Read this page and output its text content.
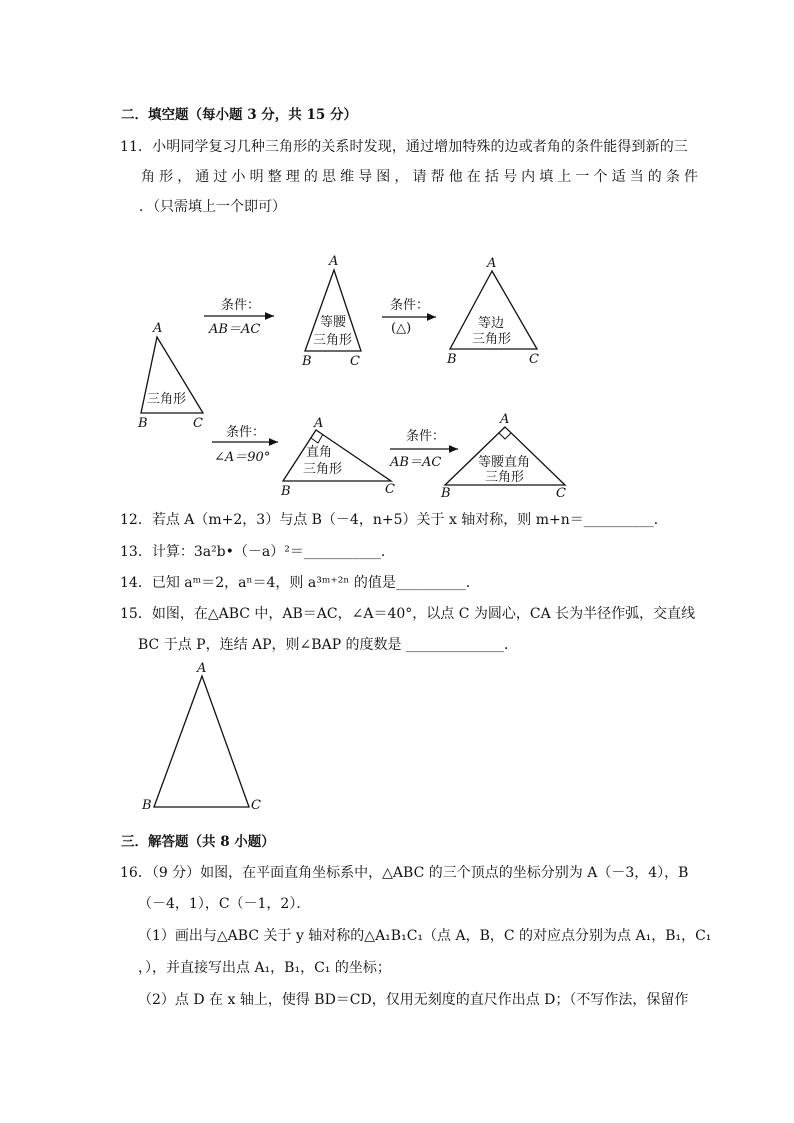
二．填空题（每小题 3 分，共 15 分）
11．小明同学复习几种三角形的关系时发现，通过增加特殊的边或者角的条件能得到新的三
角形，通过小明整理的思维导图，请帮他在括号内填上一个适当的条件
．（只需填上一个即可）
A
B	C
三角形
条件：
AB＝AC
A
B	C
等腰
三角形
条件：
(△)
A
B	C
等边
三角形
条件：
∠A＝90°
A
B	C
直角
三角形
条件：
AB＝AC
A
B	C
等腰直角
三角形
A
B	C
12．若点 A（m+2，3）与点 B（－4，n+5）关于 x 轴对称，则 m+n＝__________．
13．计算：3a²b•（－a）²＝___________．
14．已知 aᵐ＝2，aⁿ＝4，则 a³ᵐ⁺²ⁿ 的值是__________．
15．如图，在△ABC 中，AB＝AC，∠A＝40°，以点 C 为圆心，CA 长为半径作弧，交直线
BC 于点 P，连结 AP，则∠BAP 的度数是 ______________．
三．解答题（共 8 小题）
16．（9 分）如图，在平面直角坐标系中，△ABC 的三个顶点的坐标分别为 A（－3，4），B
（－4，1），C（－1，2）．
（1）画出与△ABC 关于 y 轴对称的△A₁B₁C₁（点 A，B，C 的对应点分别为点 A₁，B₁，C₁
，），并直接写出点 A₁，B₁，C₁ 的坐标；
（2）点 D 在 x 轴上，使得 BD＝CD，仅用无刻度的直尺作出点 D；（不写作法，保留作
